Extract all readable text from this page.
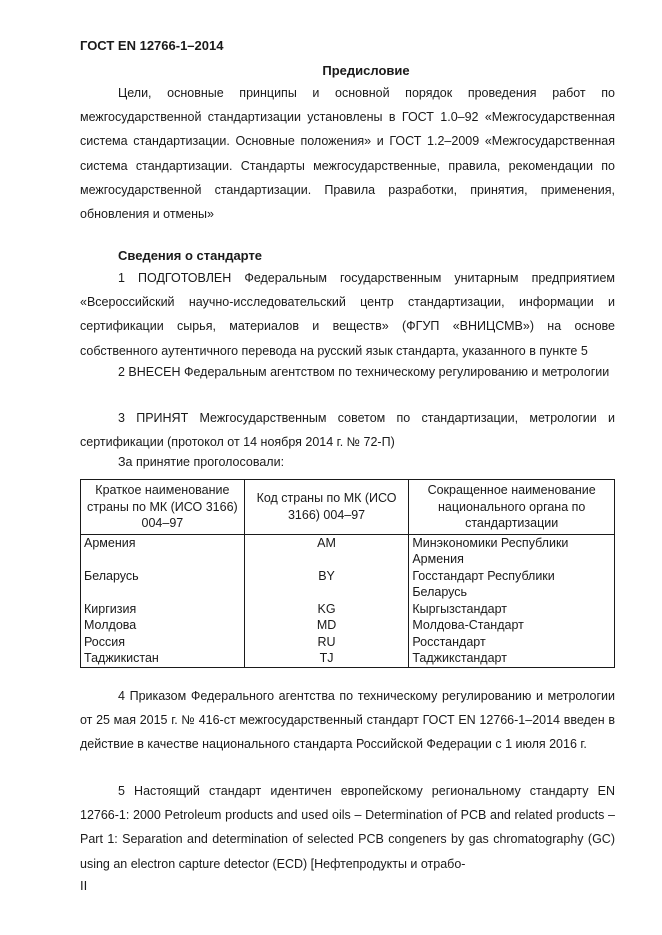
ГОСТ EN 12766-1–2014
Предисловие

Цели, основные принципы и основной порядок проведения работ по межгосударственной стандартизации установлены в ГОСТ 1.0–92 «Межгосударственная система стандартизации. Основные положения» и ГОСТ 1.2–2009 «Межгосударственная система стандартизации. Стандарты межгосударственные, правила, рекомендации по межгосударственной стандартизации. Правила разработки, принятия, применения, обновления и отмены»

Сведения о стандарте

1 ПОДГОТОВЛЕН Федеральным государственным унитарным предприятием «Всероссийский научно-исследовательский центр стандартизации, информации и сертификации сырья, материалов и веществ» (ФГУП «ВНИЦСМВ») на основе собственного аутентичного перевода на русский язык стандарта, указанного в пункте 5

2 ВНЕСЕН Федеральным агентством по техническому регулированию и метрологии

3 ПРИНЯТ Межгосударственным советом по стандартизации, метрологии и сертификации (протокол от 14 ноября 2014 г. № 72-П)

За принятие проголосовали:
Краткое наименование страны по МК (ИСО 3166) 004–97	Код страны по МК (ИСО 3166) 004–97	Сокращенное наименование национального органа по стандартизации
Армения	AM	Минэкономики Республики Армения
Беларусь	BY	Госстандарт Республики Беларусь
Киргизия	KG	Кыргызстандарт
Молдова	MD	Молдова-Стандарт
Россия	RU	Росстандарт
Таджикистан	TJ	Таджикстандарт

4 Приказом Федерального агентства по техническому регулированию и метрологии от 25 мая 2015 г. № 416-ст межгосударственный стандарт ГОСТ EN 12766-1–2014 введен в действие в качестве национального стандарта Российской Федерации с 1 июля 2016 г.

5 Настоящий стандарт идентичен европейскому региональному стандарту EN 12766-1: 2000 Petroleum products and used oils – Determination of PCB and related products – Part 1: Separation and determination of selected PCB congeners by gas chromatography (GC) using an electron capture detector (ECD) [Нефтепродукты и отрабо-

II
